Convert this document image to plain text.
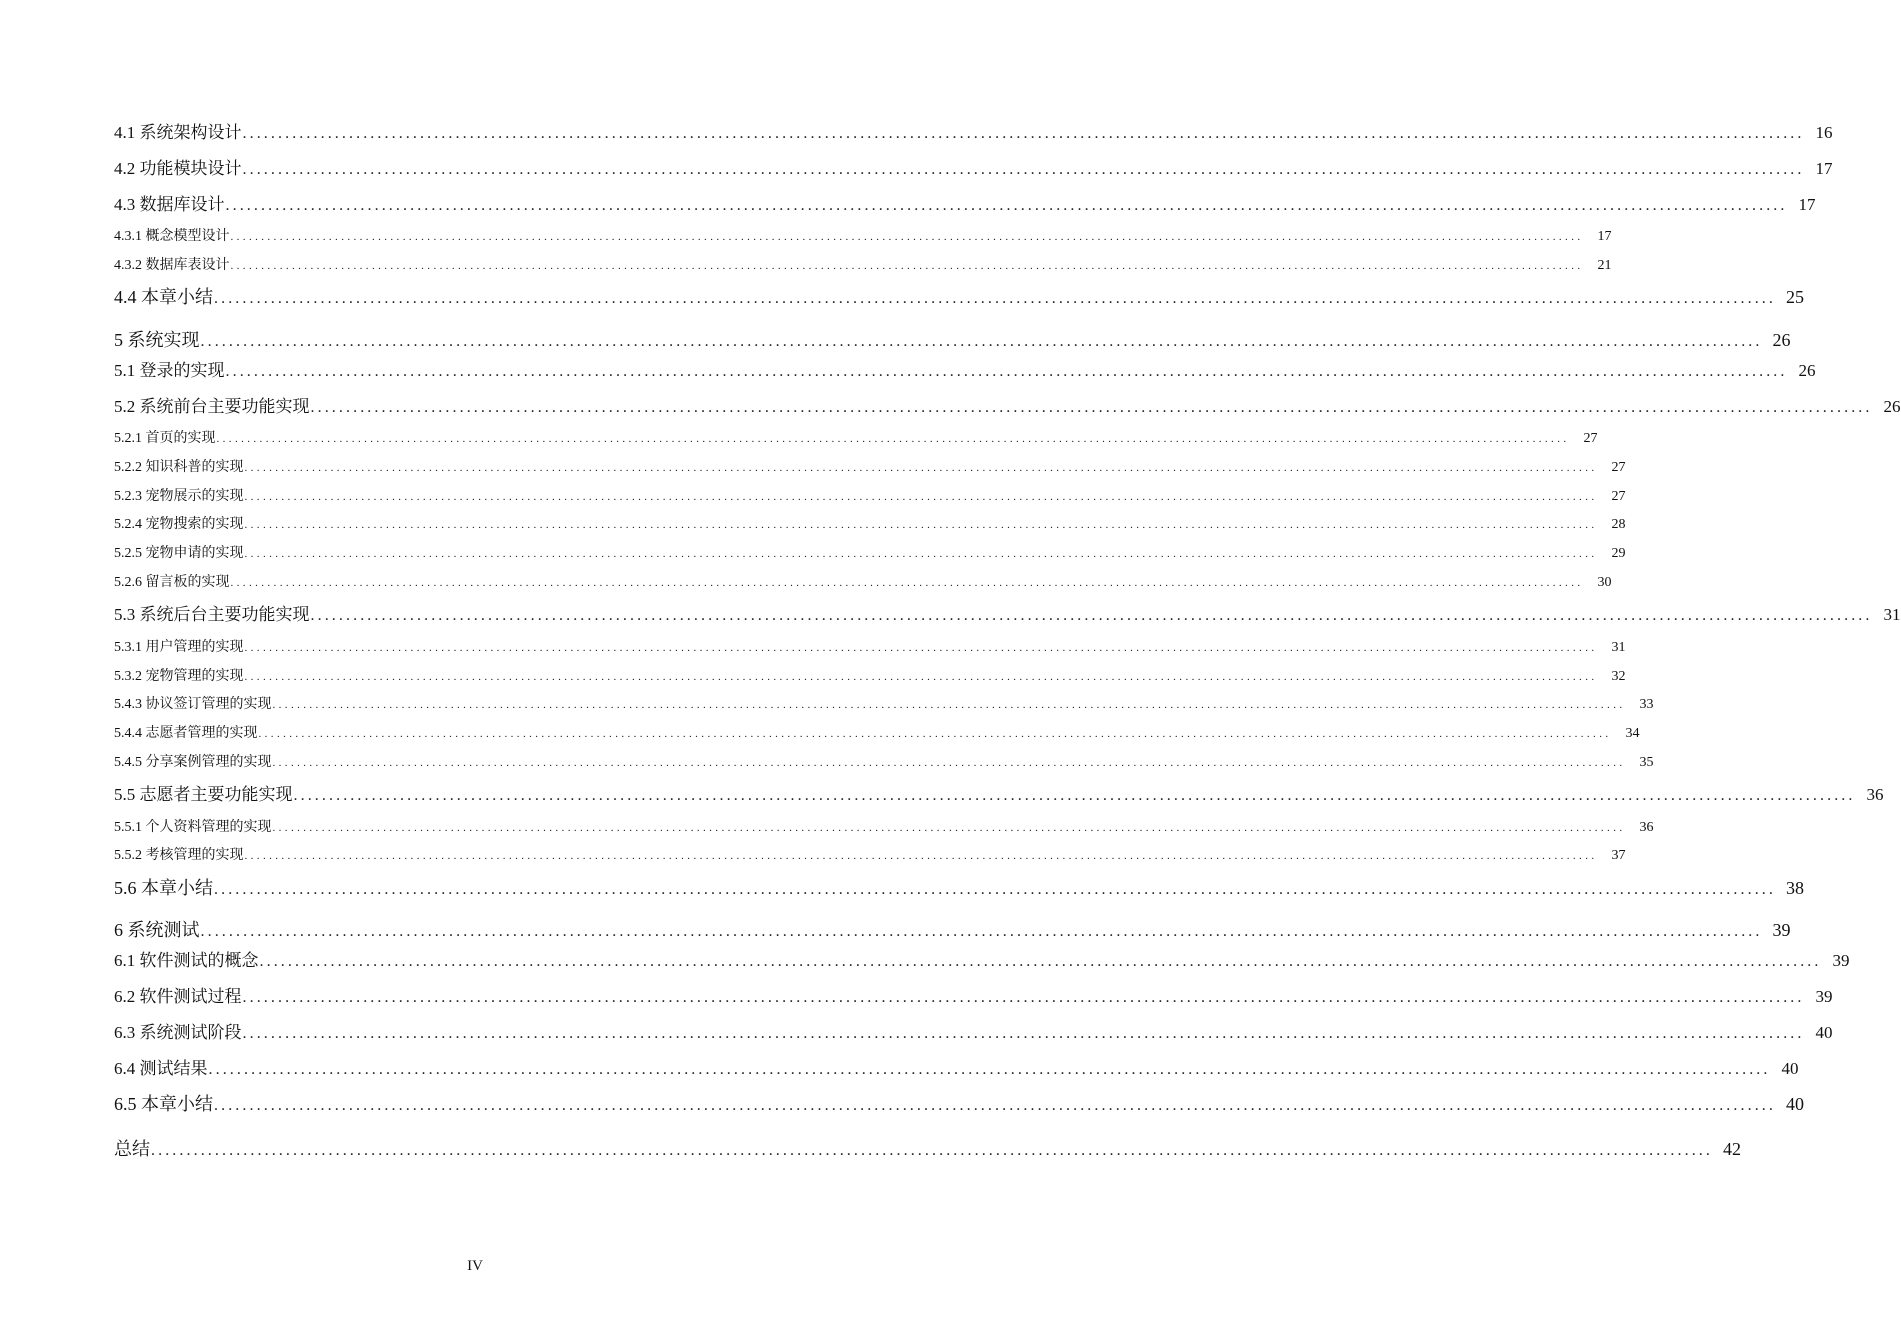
4.1 系统架构设计 ............................................................................................................................................................................................................................ 16
4.2 功能模块设计 ............................................................................................................................................................................................................................ 17
4.3 数据库设计 ............................................................................................................................................................................................................................ 17
4.3.1 概念模型设计 ............................................................................................................................................................................................................................	17
4.3.2 数据库表设计 ............................................................................................................................................................................................................................	21
4.4 本章小结 ............................................................................................................................................................................................................................ 25
5 系统实现 ............................................................................................................................................................................................................................ 26
5.1 登录的实现 ............................................................................................................................................................................................................................ 26
5.2 系统前台主要功能实现 ............................................................................................................................................................................................................................ 26
5.2.1 首页的实现 ............................................................................................................................................................................................................................	27
5.2.2 知识科普的实现 ............................................................................................................................................................................................................................	27
5.2.3 宠物展示的实现 ............................................................................................................................................................................................................................	27
5.2.4 宠物搜索的实现 ............................................................................................................................................................................................................................	28
5.2.5 宠物申请的实现 ............................................................................................................................................................................................................................	29
5.2.6 留言板的实现 ............................................................................................................................................................................................................................	30
5.3 系统后台主要功能实现 ............................................................................................................................................................................................................................ 31
5.3.1 用户管理的实现 ............................................................................................................................................................................................................................	31
5.3.2 宠物管理的实现 ............................................................................................................................................................................................................................	32
5.4.3 协议签订管理的实现 ............................................................................................................................................................................................................................	33
5.4.4 志愿者管理的实现 ............................................................................................................................................................................................................................	34
5.4.5 分享案例管理的实现 ............................................................................................................................................................................................................................	35
5.5 志愿者主要功能实现 ............................................................................................................................................................................................................................ 36
5.5.1 个人资料管理的实现 ............................................................................................................................................................................................................................	36
5.5.2 考核管理的实现 ............................................................................................................................................................................................................................	37
5.6 本章小结 ............................................................................................................................................................................................................................ 38
6 系统测试 ............................................................................................................................................................................................................................ 39
6.1 软件测试的概念 ............................................................................................................................................................................................................................ 39
6.2 软件测试过程 ............................................................................................................................................................................................................................ 39
6.3 系统测试阶段 ............................................................................................................................................................................................................................ 40
6.4 测试结果 ............................................................................................................................................................................................................................ 40
6.5 本章小结 ............................................................................................................................................................................................................................ 40
总结 ............................................................................................................................................................................................................................ 42
IV
